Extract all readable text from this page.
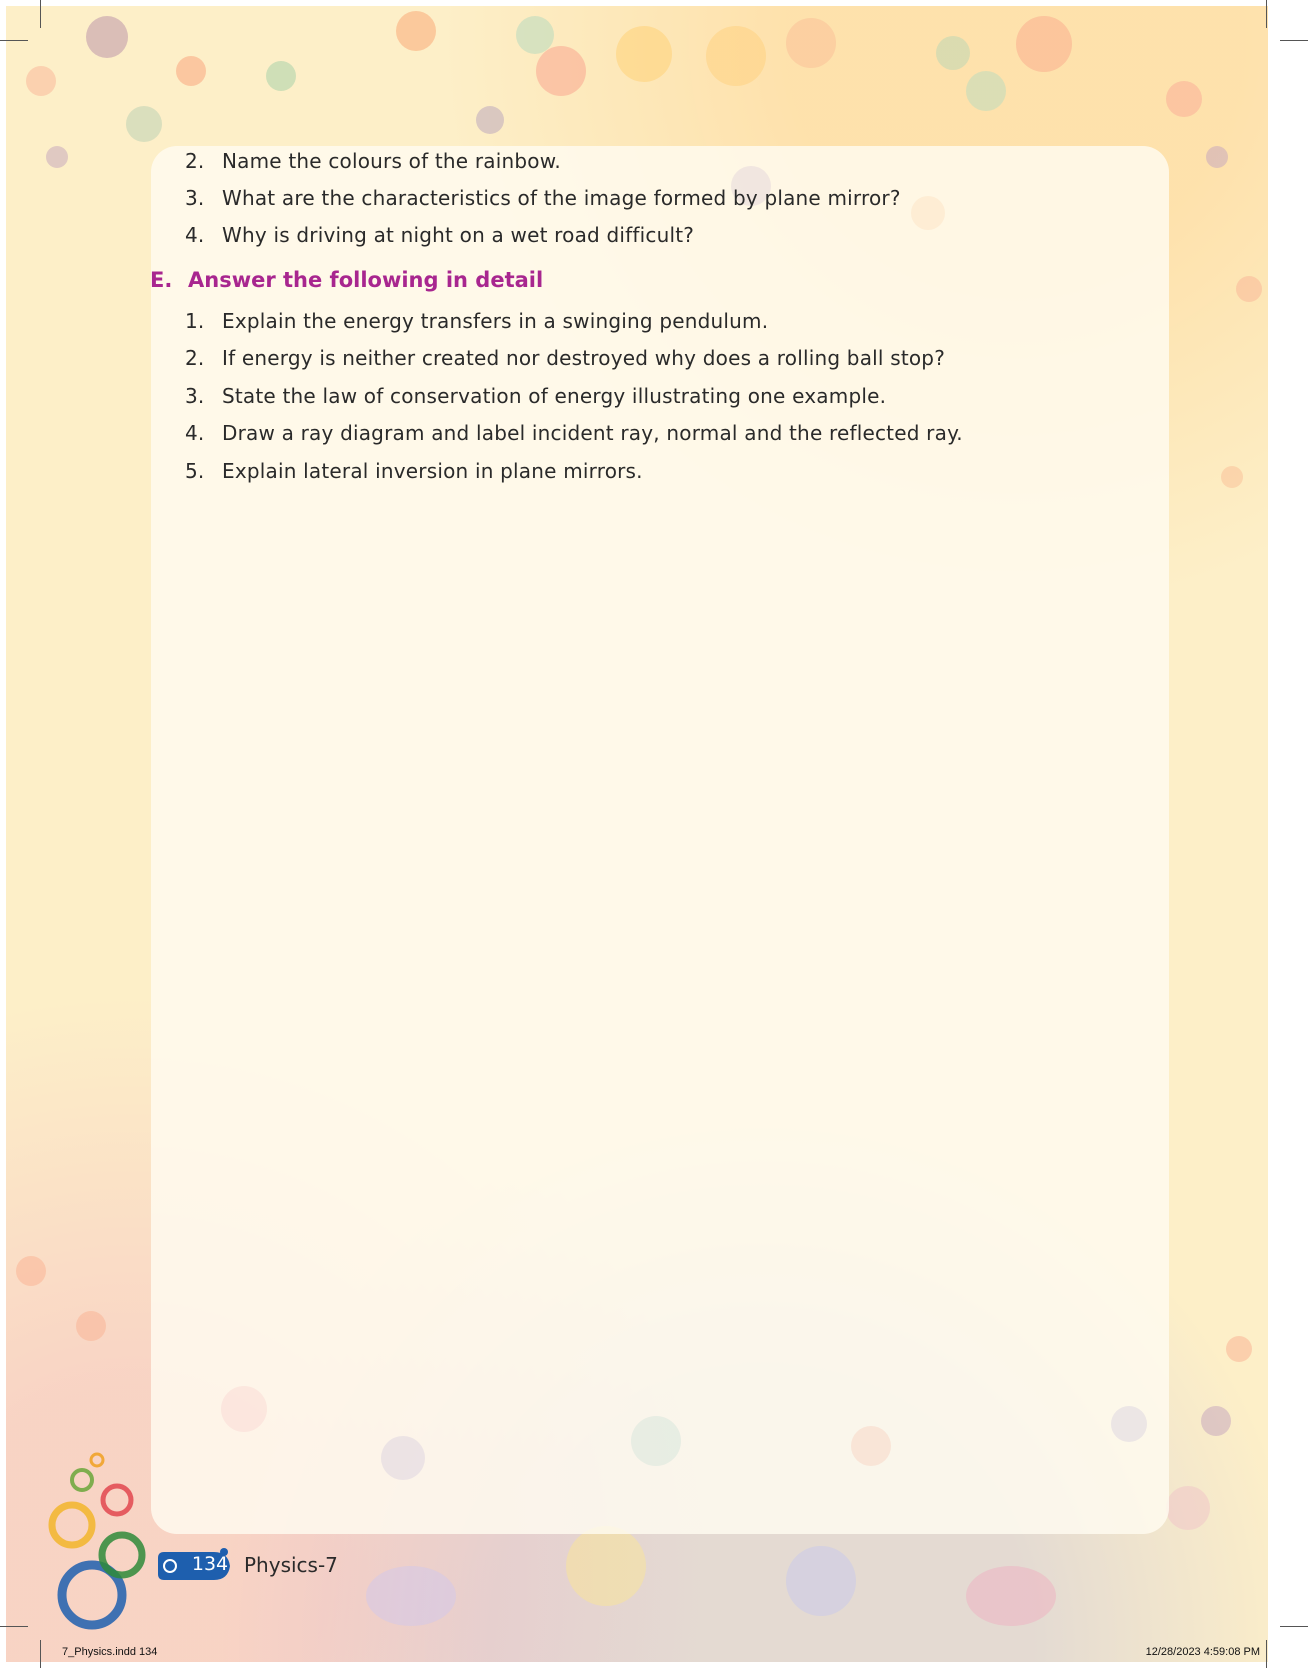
2. Name the colours of the rainbow.
3. What are the characteristics of the image formed by plane mirror?
4. Why is driving at night on a wet road difficult?
E. Answer the following in detail
1. Explain the energy transfers in a swinging pendulum.
2. If energy is neither created nor destroyed why does a rolling ball stop?
3. State the law of conservation of energy illustrating one example.
4. Draw a ray diagram and label incident ray, normal and the reflected ray.
5. Explain lateral inversion in plane mirrors.
134 Physics-7
7_Physics.indd 134	12/28/2023 4:59:08 PM
